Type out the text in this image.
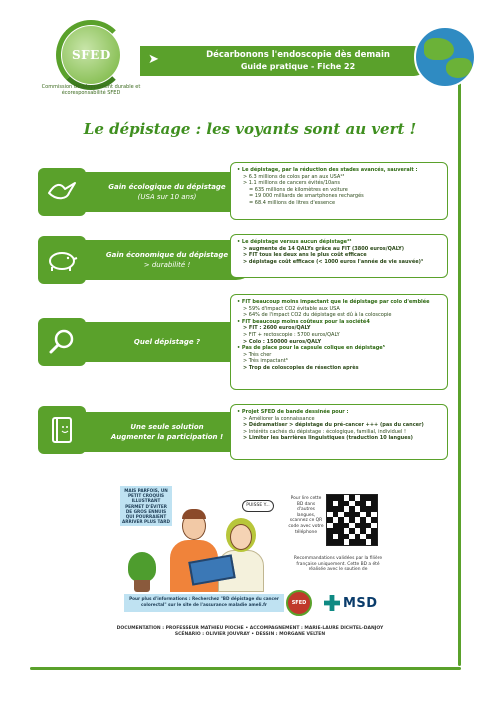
SFED
Commission développement durable et écoresponsabilité SFED
➤	Décarbonons l'endoscopie dès demain
Guide pratique - Fiche 22
Le dépistage : les voyants sont au vert !
Gain écologique du dépistage
(USA sur 10 ans)
• Le dépistage, par la réduction des stades avancés, sauverait :
> 6.3 millions de colos par an aux USA¹³
> 1.1 millions de cancers évités/10ans
= 635 millions de kilomètres en voiture
= 19 000 milliards de smartphones rechargés
= 68.4 millions de litres d'essence
Gain économique du dépistage
> durabilité !
• Le dépistage versus aucun dépistage²³
> augmente de 14 QALYs grâce au FIT (3800 euros/QALY)
> FIT tous les deux ans le plus coût efficace
> dépistage coût efficace (< 1000 euros l'année de vie sauvée)³
Quel dépistage ?
• FIT beaucoup moins impactant que le dépistage par colo d'emblée
> 59% d'impact CO2 évitable aux USA
> 64% de l'impact CO2 du dépistage est dû à la coloscopie
• FIT beaucoup moins coûteux pour la société4
> FIT : 2600 euros/QALY
> FIT + rectoscopie : 5700 euros/QALY
> Colo : 150000 euros/QALY
• Pas de place pour la capsule colique en dépistage⁵
> Très cher
> Très impactant⁶
> Trop de coloscopies de résection après
Une seule solution
Augmenter la participation !
• Projet SFED de bande dessinée pour :
> Améliorer la connaissance
> Dédramatiser > dépistage du pré-cancer +++ (pas du cancer)
> Intérêts cachés du dépistage : écologique, familial, individuel !
> Limiter les barrières linguistiques (traduction 10 langues)
MAIS PARFOIS, UN PETIT CROQUIS ILLUSTRANT PERMET D'ÉVITER DE GROS ENNUIS QUI POURRAIENT ARRIVER PLUS TARD
PUISSE Y...
Pour plus d'informations : Recherchez "BD dépistage du cancer colorectal" sur le site de l'assurance maladie ameli.fr
Pour lire cette BD dans d'autres langues, scannez ce QR code avec votre téléphone
Recommandations validées par la filière française uniquement. Cette BD a été réalisée avec le soutien de
SFED	MSD
DOCUMENTATION : PROFESSEUR MATHIEU PIOCHE • ACCOMPAGNEMENT : MARIE-LAURE DICHTEL-DANJOY
SCÉNARIO : OLIVIER JOUVRAY • DESSIN : MORGANE VELTEN
